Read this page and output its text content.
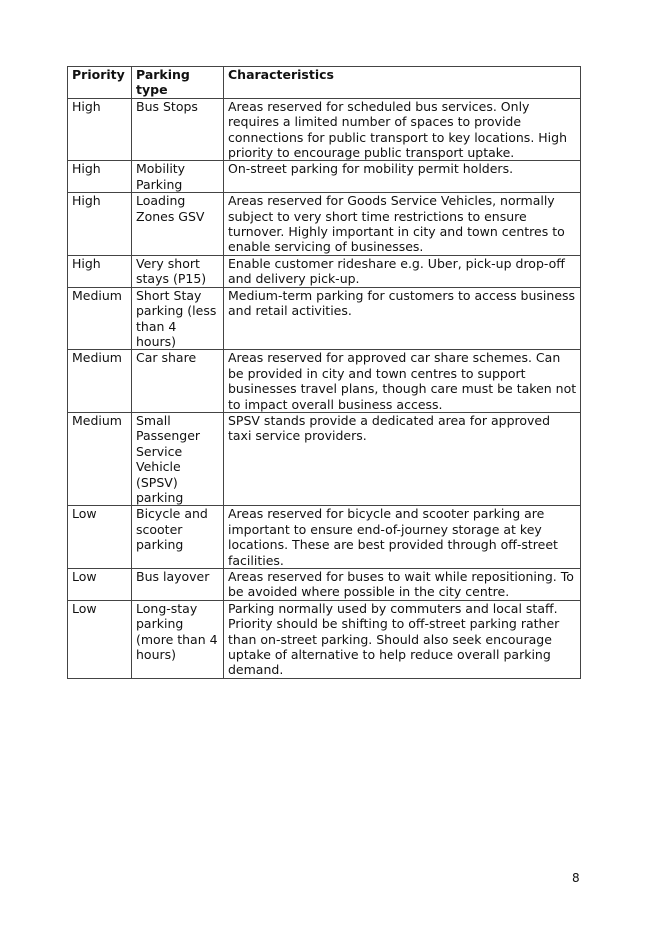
Priority	Parking type	Characteristics
High	Bus Stops	Areas reserved for scheduled bus services. Only requires a limited number of spaces to provide connections for public transport to key locations. High priority to encourage public transport uptake.
High	Mobility Parking	On-street parking for mobility permit holders.
High	Loading Zones GSV	Areas reserved for Goods Service Vehicles, normally subject to very short time restrictions to ensure turnover. Highly important in city and town centres to enable servicing of businesses.
High	Very short stays (P15)	Enable customer rideshare e.g. Uber, pick-up drop-off and delivery pick-up.
Medium	Short Stay parking (less than 4 hours)	Medium-term parking for customers to access business and retail activities.
Medium	Car share	Areas reserved for approved car share schemes. Can be provided in city and town centres to support businesses travel plans, though care must be taken not to impact overall business access.
Medium	Small Passenger Service Vehicle (SPSV) parking	SPSV stands provide a dedicated area for approved taxi service providers.
Low	Bicycle and scooter parking	Areas reserved for bicycle and scooter parking are important to ensure end-of-journey storage at key locations. These are best provided through off-street facilities.
Low	Bus layover	Areas reserved for buses to wait while repositioning. To be avoided where possible in the city centre.
Low	Long-stay parking (more than 4 hours)	Parking normally used by commuters and local staff. Priority should be shifting to off-street parking rather than on-street parking. Should also seek encourage uptake of alternative to help reduce overall parking demand.
8
